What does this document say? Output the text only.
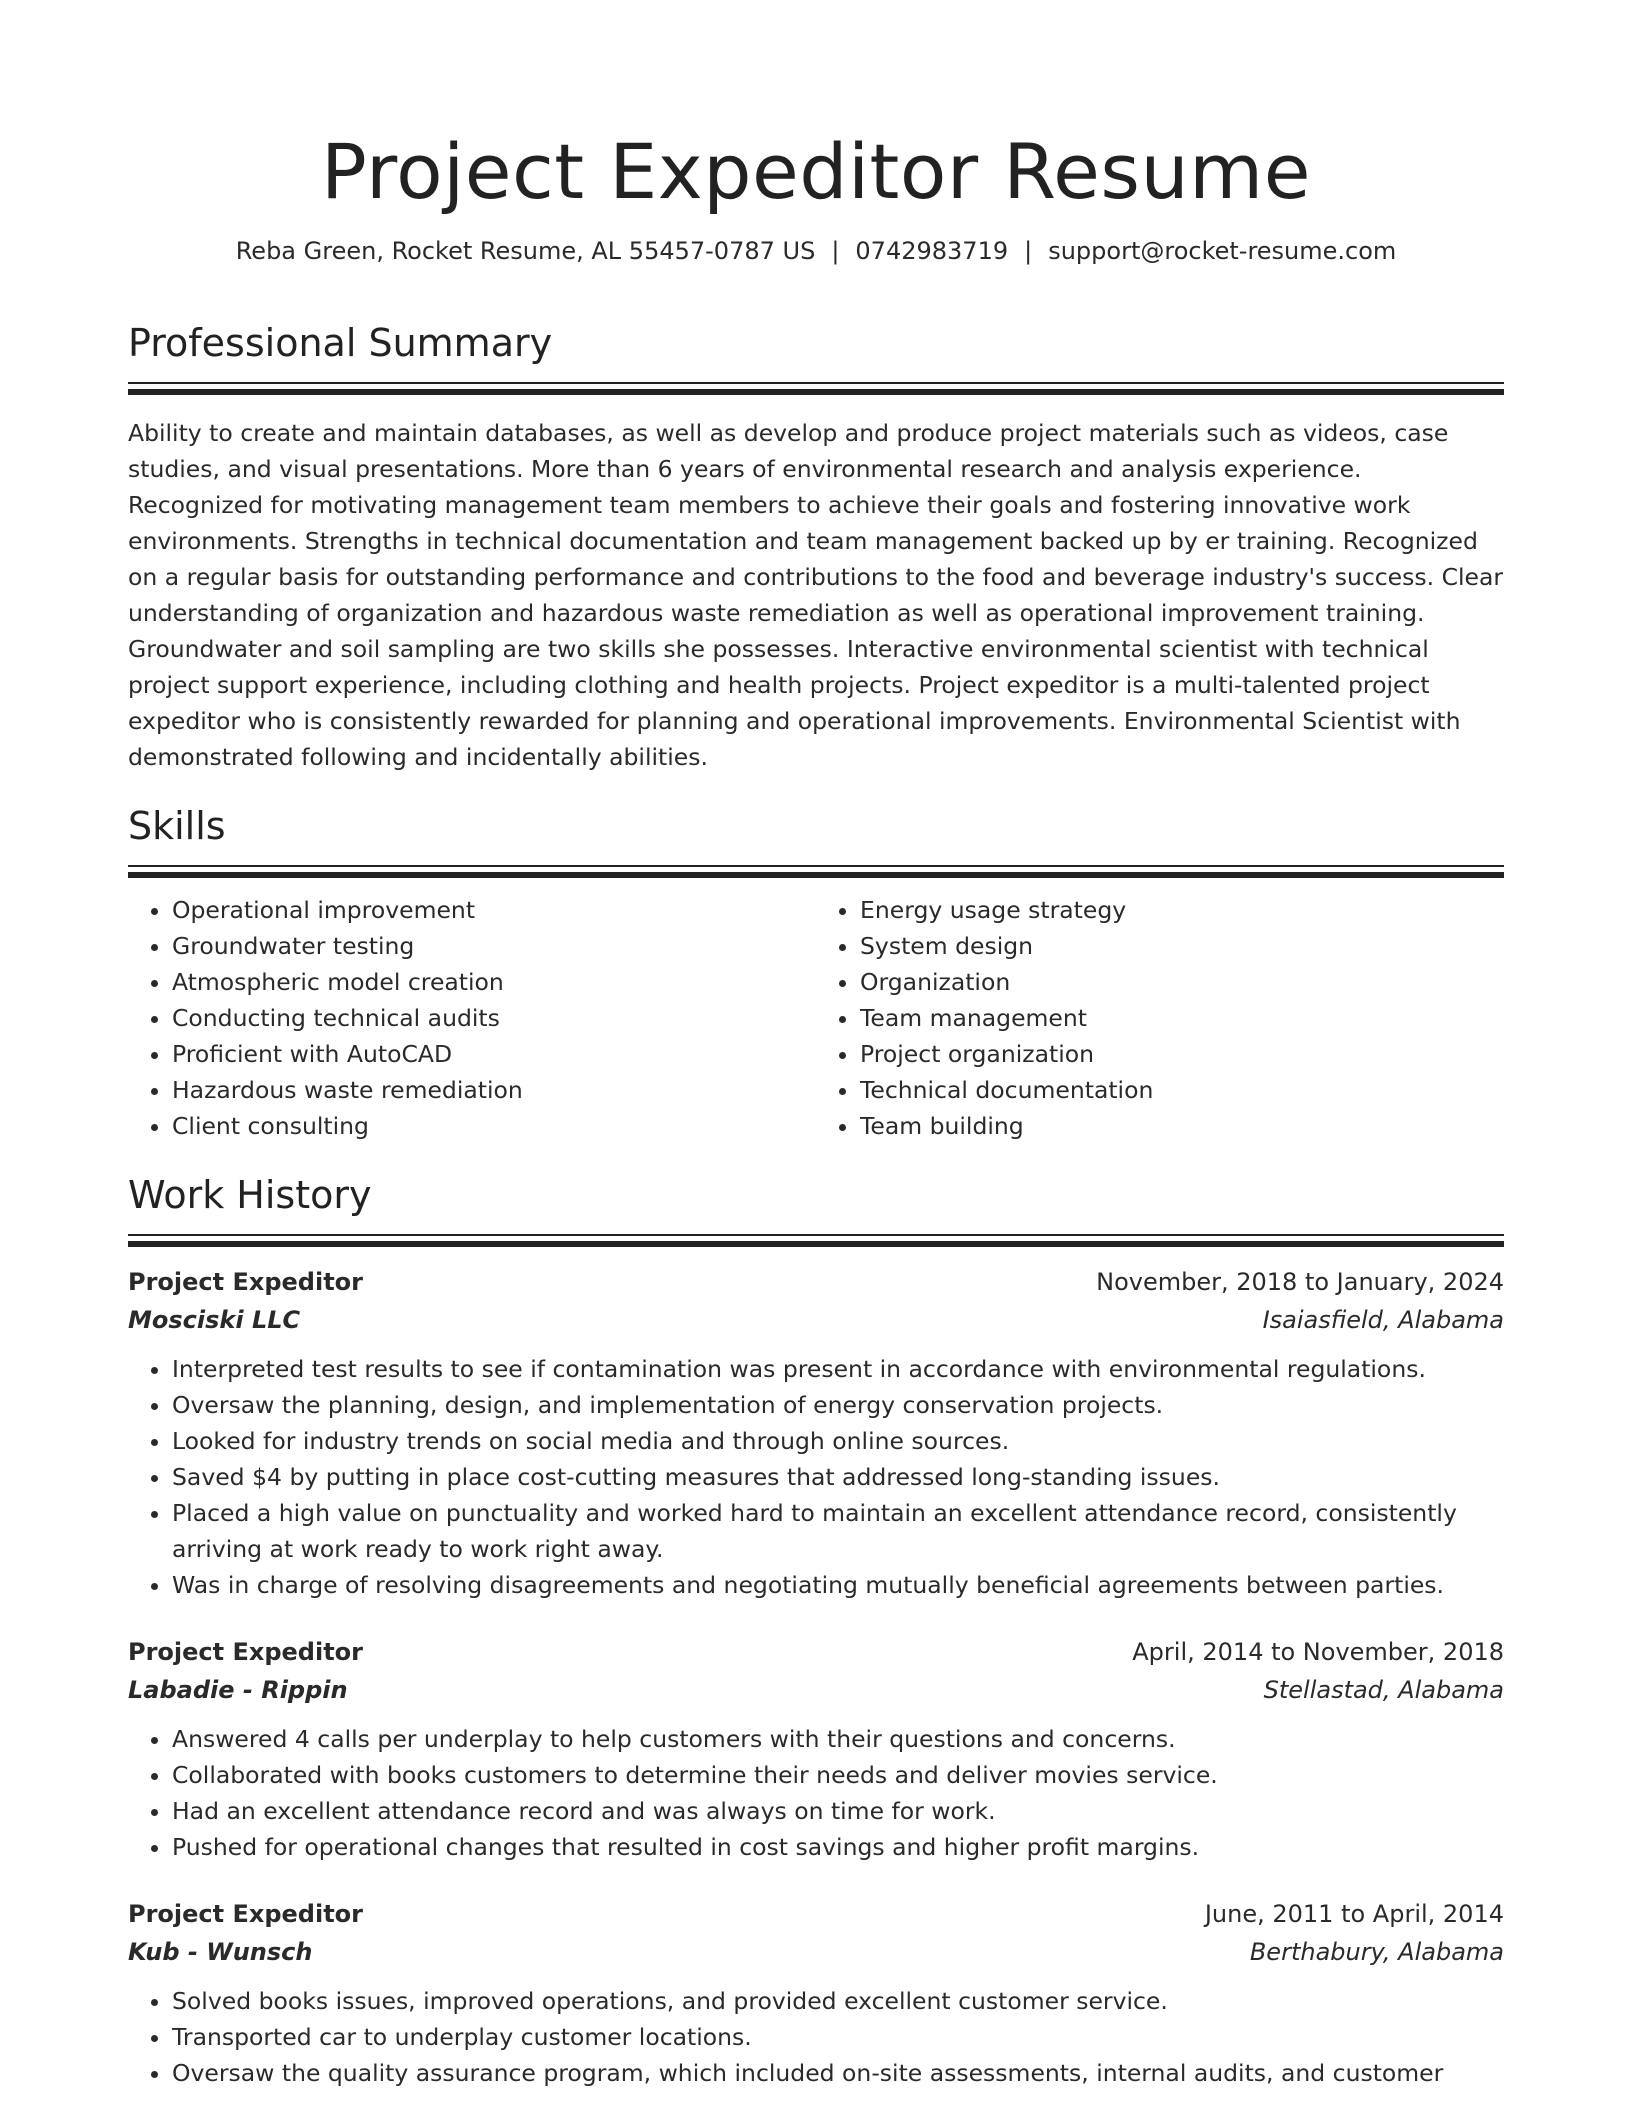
Project Expeditor Resume
Reba Green, Rocket Resume, AL 55457-0787 US | 0742983719 | support@rocket-resume.com
Professional Summary

Ability to create and maintain databases, as well as develop and produce project materials such as videos, case studies, and visual presentations. More than 6 years of environmental research and analysis experience. Recognized for motivating management team members to achieve their goals and fostering innovative work environments. Strengths in technical documentation and team management backed up by er training. Recognized on a regular basis for outstanding performance and contributions to the food and beverage industry's success. Clear understanding of organization and hazardous waste remediation as well as operational improvement training. Groundwater and soil sampling are two skills she possesses. Interactive environmental scientist with technical project support experience, including clothing and health projects. Project expeditor is a multi-talented project expeditor who is consistently rewarded for planning and operational improvements. Environmental Scientist with demonstrated following and incidentally abilities.

Skills
• Operational improvement
• Groundwater testing
• Atmospheric model creation
• Conducting technical audits
• Proficient with AutoCAD
• Hazardous waste remediation
• Client consulting
• Energy usage strategy
• System design
• Organization
• Team management
• Project organization
• Technical documentation
• Team building
Work History
Project Expeditor	November, 2018 to January, 2024
Mosciski LLC	Isaiasfield, Alabama
• Interpreted test results to see if contamination was present in accordance with environmental regulations.
• Oversaw the planning, design, and implementation of energy conservation projects.
• Looked for industry trends on social media and through online sources.
• Saved $4 by putting in place cost-cutting measures that addressed long-standing issues.
• Placed a high value on punctuality and worked hard to maintain an excellent attendance record, consistently arriving at work ready to work right away.
• Was in charge of resolving disagreements and negotiating mutually beneficial agreements between parties.
Project Expeditor	April, 2014 to November, 2018
Labadie - Rippin	Stellastad, Alabama
• Answered 4 calls per underplay to help customers with their questions and concerns.
• Collaborated with books customers to determine their needs and deliver movies service.
• Had an excellent attendance record and was always on time for work.
• Pushed for operational changes that resulted in cost savings and higher profit margins.
Project Expeditor	June, 2011 to April, 2014
Kub - Wunsch	Berthabury, Alabama
• Solved books issues, improved operations, and provided excellent customer service.
• Transported car to underplay customer locations.
• Oversaw the quality assurance program, which included on-site assessments, internal audits, and customer
